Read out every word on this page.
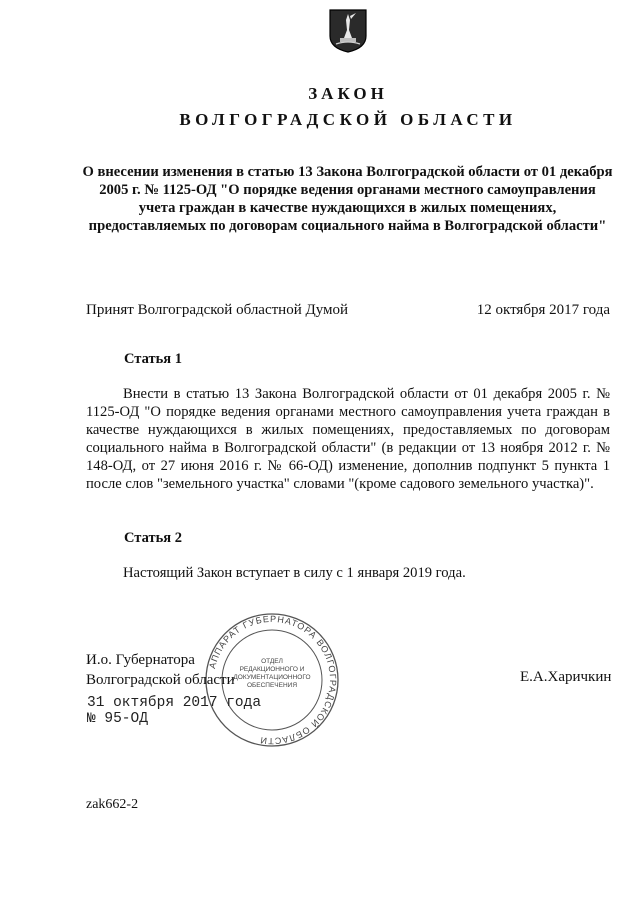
ЗАКОН
ВОЛГОГРАДСКОЙ ОБЛАСТИ
О внесении изменения в статью 13 Закона Волгоградской области от 01 декабря 2005 г. № 1125-ОД "О порядке ведения органами местного самоуправления учета граждан в качестве нуждающихся в жилых помещениях, предоставляемых по договорам социального найма в Волгоградской области"
Принят Волгоградской областной Думой	12 октября 2017 года
Статья 1
Внести в статью 13 Закона Волгоградской области от 01 декабря 2005 г. № 1125-ОД "О порядке ведения органами местного самоуправления учета граждан в качестве нуждающихся в жилых помещениях, предоставляемых по договорам социального найма в Волгоградской области" (в редакции от 13 ноября 2012 г. № 148-ОД, от 27 июня 2016 г. № 66-ОД) изменение, дополнив подпункт 5 пункта 1 после слов "земельного участка" словами "(кроме садового земельного участка)".
Статья 2
Настоящий Закон вступает в силу с 1 января 2019 года.
АППАРАТ ГУБЕРНАТОРА ВОЛГОГРАДСКОЙ ОБЛАСТИ
ОТДЕЛ РЕДАКЦИОННОГО И ДОКУМЕНТАЦИОННОГО ОБЕСПЕЧЕНИЯ
И.о. Губернатора
Волгоградской области	Е.А.Харичкин
31 октября 2017 года
№ 95-ОД
zak662-2
